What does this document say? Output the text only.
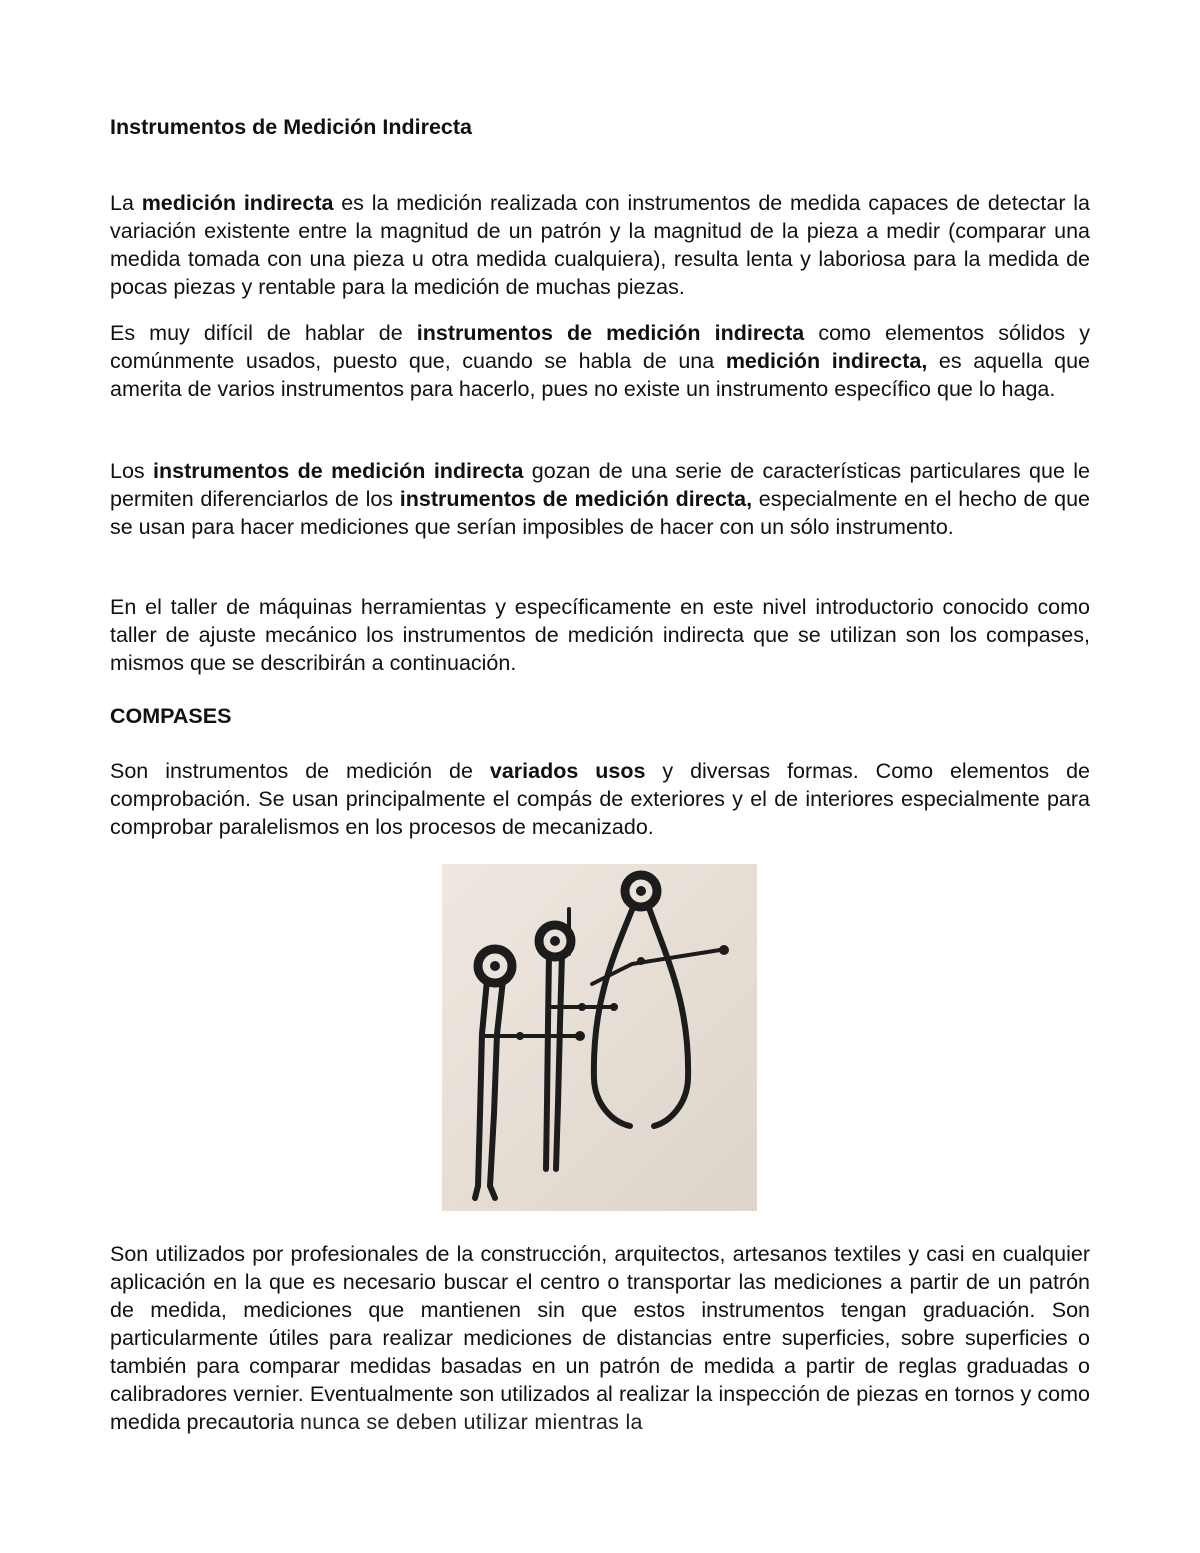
Instrumentos de Medición Indirecta

La medición indirecta es la medición realizada con instrumentos de medida capaces de detectar la variación existente entre la magnitud de un patrón y la magnitud de la pieza a medir (comparar una medida tomada con una pieza u otra medida cualquiera), resulta lenta y laboriosa para la medida de pocas piezas y rentable para la medición de muchas piezas.

Es muy difícil de hablar de instrumentos de medición indirecta como elementos sólidos y comúnmente usados, puesto que, cuando se habla de una medición indirecta, es aquella que amerita de varios instrumentos para hacerlo, pues no existe un instrumento específico que lo haga.

Los instrumentos de medición indirecta gozan de una serie de características particulares que le permiten diferenciarlos de los instrumentos de medición directa, especialmente en el hecho de que se usan para hacer mediciones que serían imposibles de hacer con un sólo instrumento.

En el taller de máquinas herramientas y específicamente en este nivel introductorio conocido como taller de ajuste mecánico los instrumentos de medición indirecta que se utilizan son los compases, mismos que se describirán a continuación.

COMPASES

Son instrumentos de medición de variados usos y diversas formas. Como elementos de comprobación. Se usan principalmente el compás de exteriores y el de interiores especialmente para comprobar paralelismos en los procesos de mecanizado.

Son utilizados por profesionales de la construcción, arquitectos, artesanos textiles y casi en cualquier aplicación en la que es necesario buscar el centro o transportar las mediciones a partir de un patrón de medida, mediciones que mantienen sin que estos instrumentos tengan graduación. Son particularmente útiles para realizar mediciones de distancias entre superficies, sobre superficies o también para comparar medidas basadas en un patrón de medida a partir de reglas graduadas o calibradores vernier. Eventualmente son utilizados al realizar la inspección de piezas en tornos y como medida precautoria nunca se deben utilizar mientras la
